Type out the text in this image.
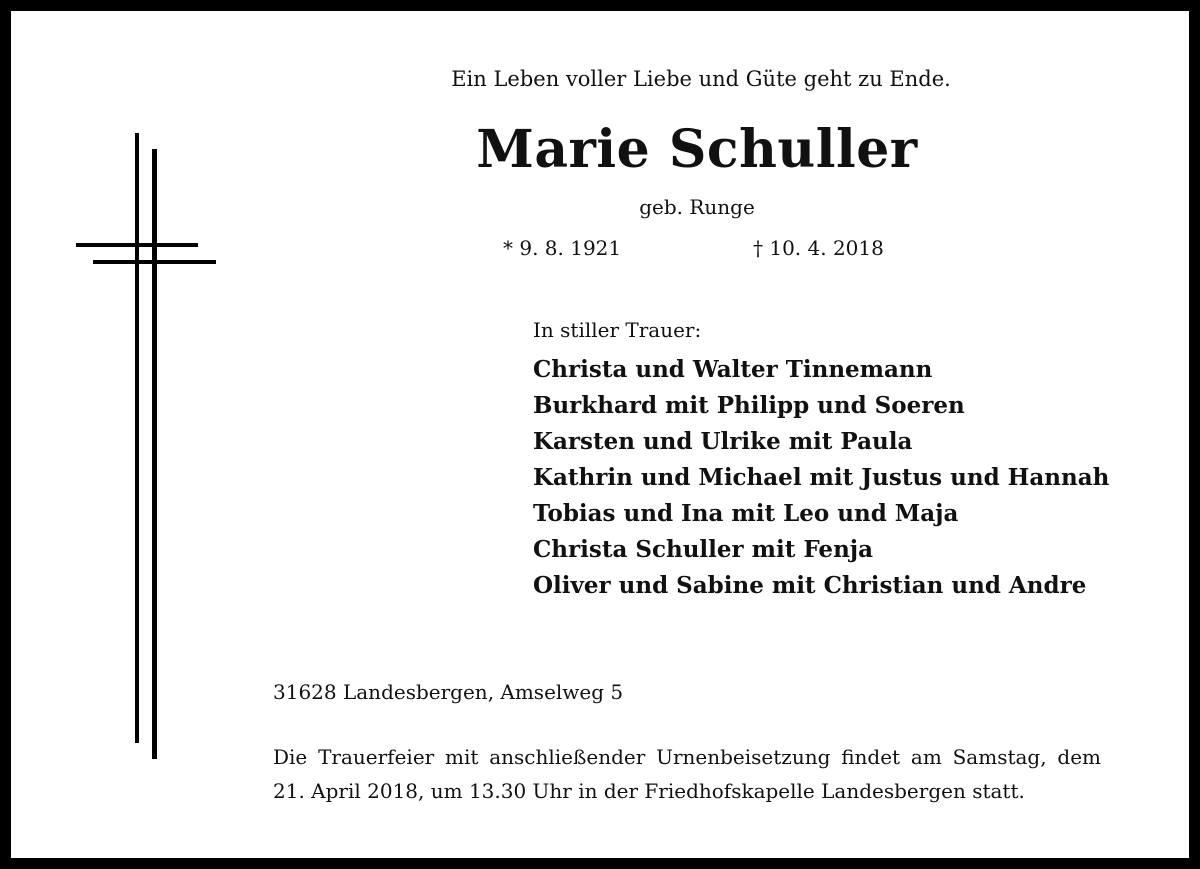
Ein Leben voller Liebe und Güte geht zu Ende.
Marie Schuller
geb. Runge
* 9. 8. 1921	† 10. 4. 2018
In stiller Trauer:
Christa und Walter Tinnemann
Burkhard mit Philipp und Soeren
Karsten und Ulrike mit Paula
Kathrin und Michael mit Justus und Hannah
Tobias und Ina mit Leo und Maja
Christa Schuller mit Fenja
Oliver und Sabine mit Christian und Andre
31628 Landesbergen, Amselweg 5
Die Trauerfeier mit anschließender Urnenbeisetzung findet am Samstag, dem 21. April 2018, um 13.30 Uhr in der Friedhofskapelle Landesbergen statt.
